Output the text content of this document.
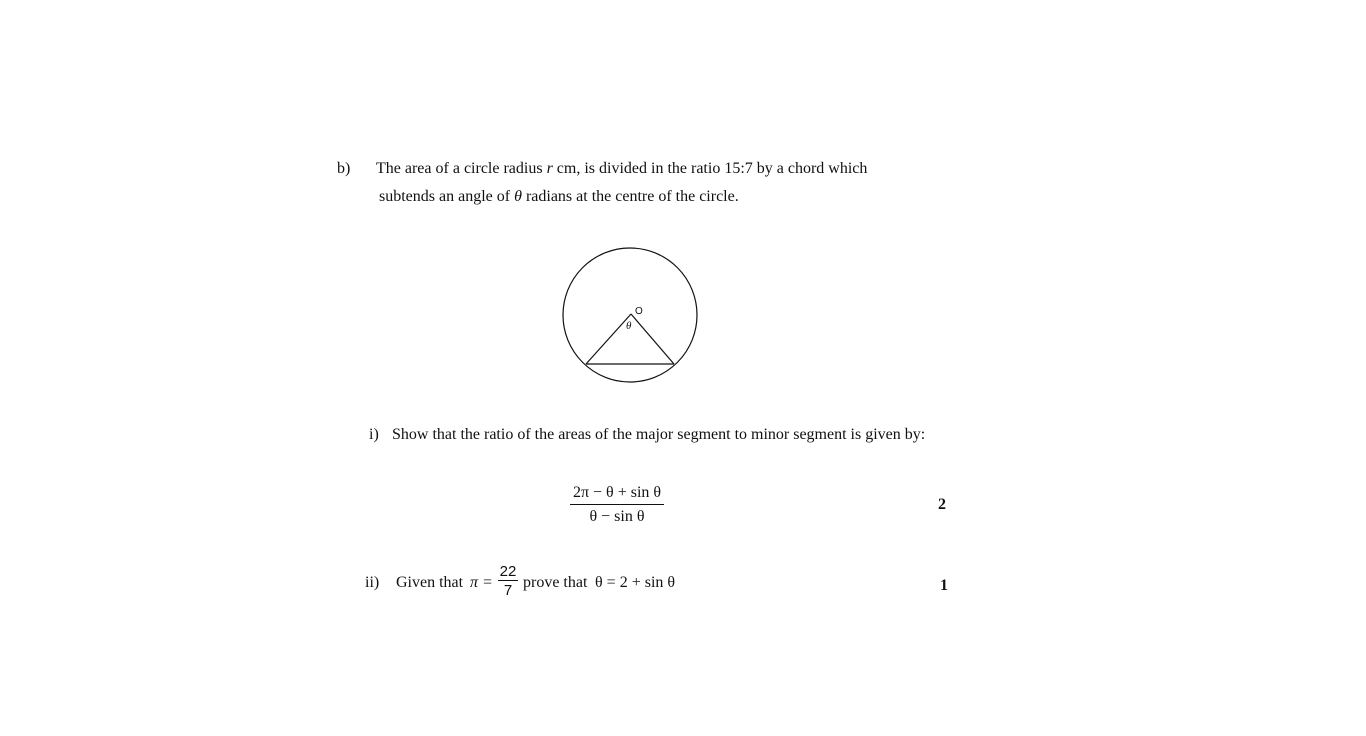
b) The area of a circle radius r cm, is divided in the ratio 15:7 by a chord which
subtends an angle of θ radians at the centre of the circle.
O
θ
i) Show that the ratio of the areas of the major segment to minor segment is given by:
2π − θ + sin θ
θ − sin θ
2
ii) Given that π =
22
7 prove that θ = 2 + sin θ	1
